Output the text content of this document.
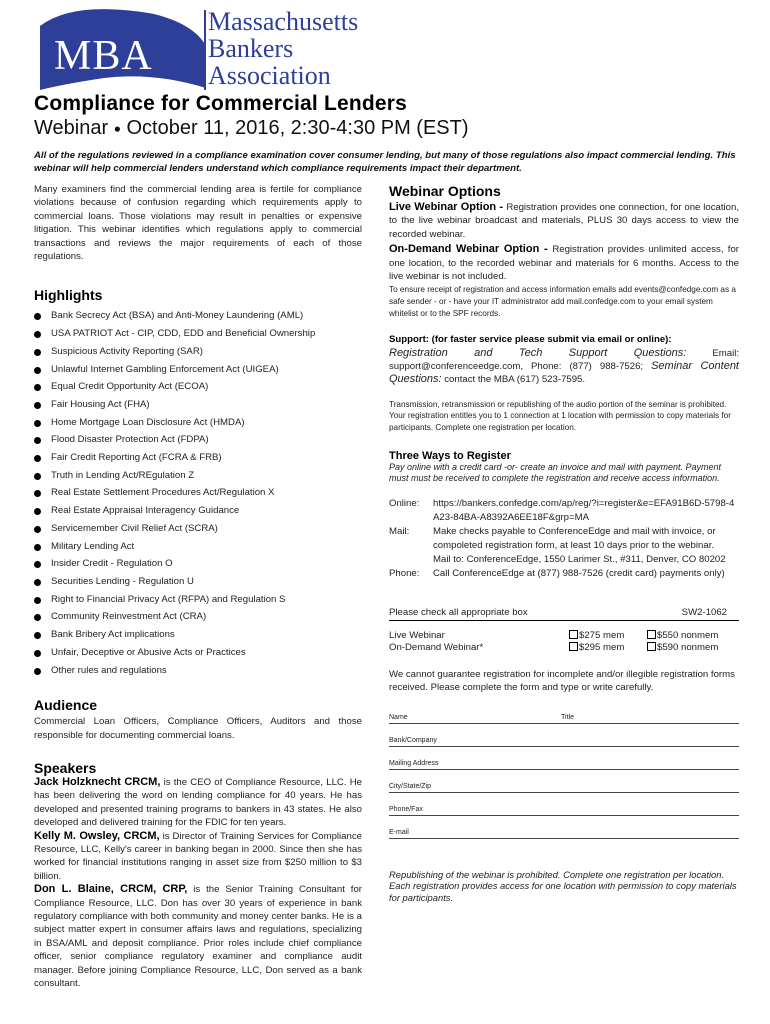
MBA
Massachusetts
Bankers
Association
Compliance for Commercial Lenders
Webinar ● October 11, 2016, 2:30-4:30 PM (EST)
All of the regulations reviewed in a compliance examination cover consumer lending, but many of those regulations also impact commercial lending. This webinar will help commercial lenders understand which compliance requirements impact their department.
Many examiners find the commercial lending area is fertile for compliance violations because of confusion regarding which requirements apply to commercial loans. Those violations may result in penalties or expensive litigation. This webinar identifies which regulations apply to commercial transactions and reviews the major requirements of each of those regulations.
Highlights
Bank Secrecy Act (BSA) and Anti-Money Laundering (AML)
USA PATRIOT Act - CIP, CDD, EDD and Beneficial Ownership
Suspicious Activity Reporting (SAR)
Unlawful Internet Gambling Enforcement Act (UIGEA)
Equal Credit Opportunity Act (ECOA)
Fair Housing Act (FHA)
Home Mortgage Loan Disclosure Act (HMDA)
Flood Disaster Protection Act (FDPA)
Fair Credit Reporting Act (FCRA & FRB)
Truth in Lending Act/REgulation Z
Real Estate Settlement Procedures Act/Regulation X
Real Estate Appraisal Interagency Guidance
Servicemember Civil Relief Act (SCRA)
Military Lending Act
Insider Credit - Regulation O
Securities Lending - Regulation U
Right to Financial Privacy Act (RFPA) and Regulation S
Community Reinvestment Act (CRA)
Bank Bribery Act implications
Unfair, Deceptive or Abusive Acts or Practices
Other rules and regulations
Audience
Commercial Loan Officers, Compliance Officers, Auditors and those responsible for documenting commercial loans.
Speakers
Jack Holzknecht CRCM, is the CEO of Compliance Resource, LLC. He has been delivering the word on lending compliance for 40 years. He has developed and presented training programs to bankers in 43 states. He also developed and delivered training for the FDIC for ten years.
Kelly M. Owsley, CRCM, is Director of Training Services for Compliance Resource, LLC, Kelly's career in banking began in 2000. Since then she has worked for financial institutions ranging in asset size from $250 million to $3 billion.
Don L. Blaine, CRCM, CRP, is the Senior Training Consultant for Compliance Resource, LLC. Don has over 30 years of experience in bank regulatory compliance with both community and money center banks. He is a subject matter expert in consumer affairs laws and regulations, specializing in BSA/AML and deposit compliance. Prior roles include chief compliance officer, senior compliance regulatory examiner and compliance audit manager. Before joining Compliance Resource, LLC, Don served as a bank consultant.
Webinar Options
Live Webinar Option - Registration provides one connection, for one location, to the live webinar broadcast and materials, PLUS 30 days access to view the recorded webinar.
On-Demand Webinar Option - Registration provides unlimited access, for one location, to the recorded webinar and materials for 6 months. Access to the live webinar is not included.
To ensure receipt of registration and access information emails add events@confedge.com as a safe sender - or - have your IT administrator add mail.confedge.com to your email system whitelist or to the SPF records.
Support: (for faster service please submit via email or online):
Registration and Tech Support Questions: Email: support@conferenceedge.com, Phone: (877) 988-7526; Seminar Content Questions: contact the MBA (617) 523-7595.
Transmission, retransmission or republishing of the audio portion of the seminar is prohibited. Your registration entitles you to 1 connection at 1 location with permission to copy materials for participants. Complete one registration per location.
Three Ways to Register
Pay online with a credit card -or- create an invoice and mail with payment. Payment must must be received to complete the registration and receive access information.
Online:	https://bankers.confedge.com/ap/reg/?i=register&e=EFA91B6D-5798-4A23-84BA-A8392A6EE18F&grp=MA
Mail:	Make checks payable to ConferenceEdge and mail with invoice, or compoleted registration form, at least 10 days prior to the webinar.
Mail to: ConferenceEdge, 1550 Larimer St., #311, Denver, CO 80202
Phone:	Call ConferenceEdge at (877) 988-7526 (credit card) payments only)
Please check all appropriate box	SW2-1062
Live Webinar	$275 mem	$550 nonmem
On-Demand Webinar*	$295 mem	$590 nonmem
We cannot guarantee registration for incomplete and/or illegible registration forms received. Please complete the form and type or write carefully.
Name	Title
Bank/Company
Mailing Address
City/State/Zip
Phone/Fax
E-mail
Republishing of the webinar is prohibited. Complete one registration per location. Each registration provides access for one location with permission to copy materials for participants.
